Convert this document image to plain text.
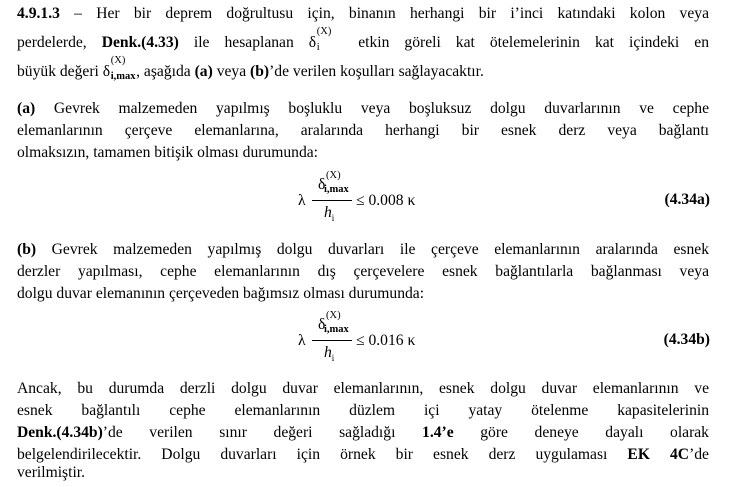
4.9.1.3 – Her bir deprem doğrultusu için, binanın herhangi bir i’inci katındaki kolon veya
perdelerde, Denk.(4.33) ile hesaplanan δ
(X)
i etkin göreli kat ötelemelerinin kat içindeki en
büyük değeri δ
(X)
i,max , aşağıda (a) veya (b)’de verilen koşulları sağlayacaktır.
(a) Gevrek malzemeden yapılmış boşluklu veya boşluksuz dolgu duvarlarının ve cephe
elemanlarının çerçeve elemanlarına, aralarında herhangi bir esnek derz veya bağlantı
olmaksızın, tamamen bitişik olması durumunda:
λ
δ
(X)
i,max
$h_i$
≤ 0.008 κ	(4.34a)
(b) Gevrek malzemeden yapılmış dolgu duvarları ile çerçeve elemanlarının aralarında esnek
derzler yapılması, cephe elemanlarının dış çerçevelere esnek bağlantılarla bağlanması veya
dolgu duvar elemanının çerçeveden bağımsız olması durumunda:
λ
δ
(X)
i,max
$h_i$
≤ 0.016 κ	(4.34b)
Ancak, bu durumda derzli dolgu duvar elemanlarının, esnek dolgu duvar elemanlarının ve
esnek bağlantılı cephe elemanlarının düzlem içi yatay ötelenme kapasitelerinin
Denk.(4.34b)’de verilen sınır değeri sağladığı 1.4’e göre deneye dayalı olarak
belgelendirilecektir. Dolgu duvarları için örnek bir esnek derz uygulaması EK 4C’de
verilmiştir.
